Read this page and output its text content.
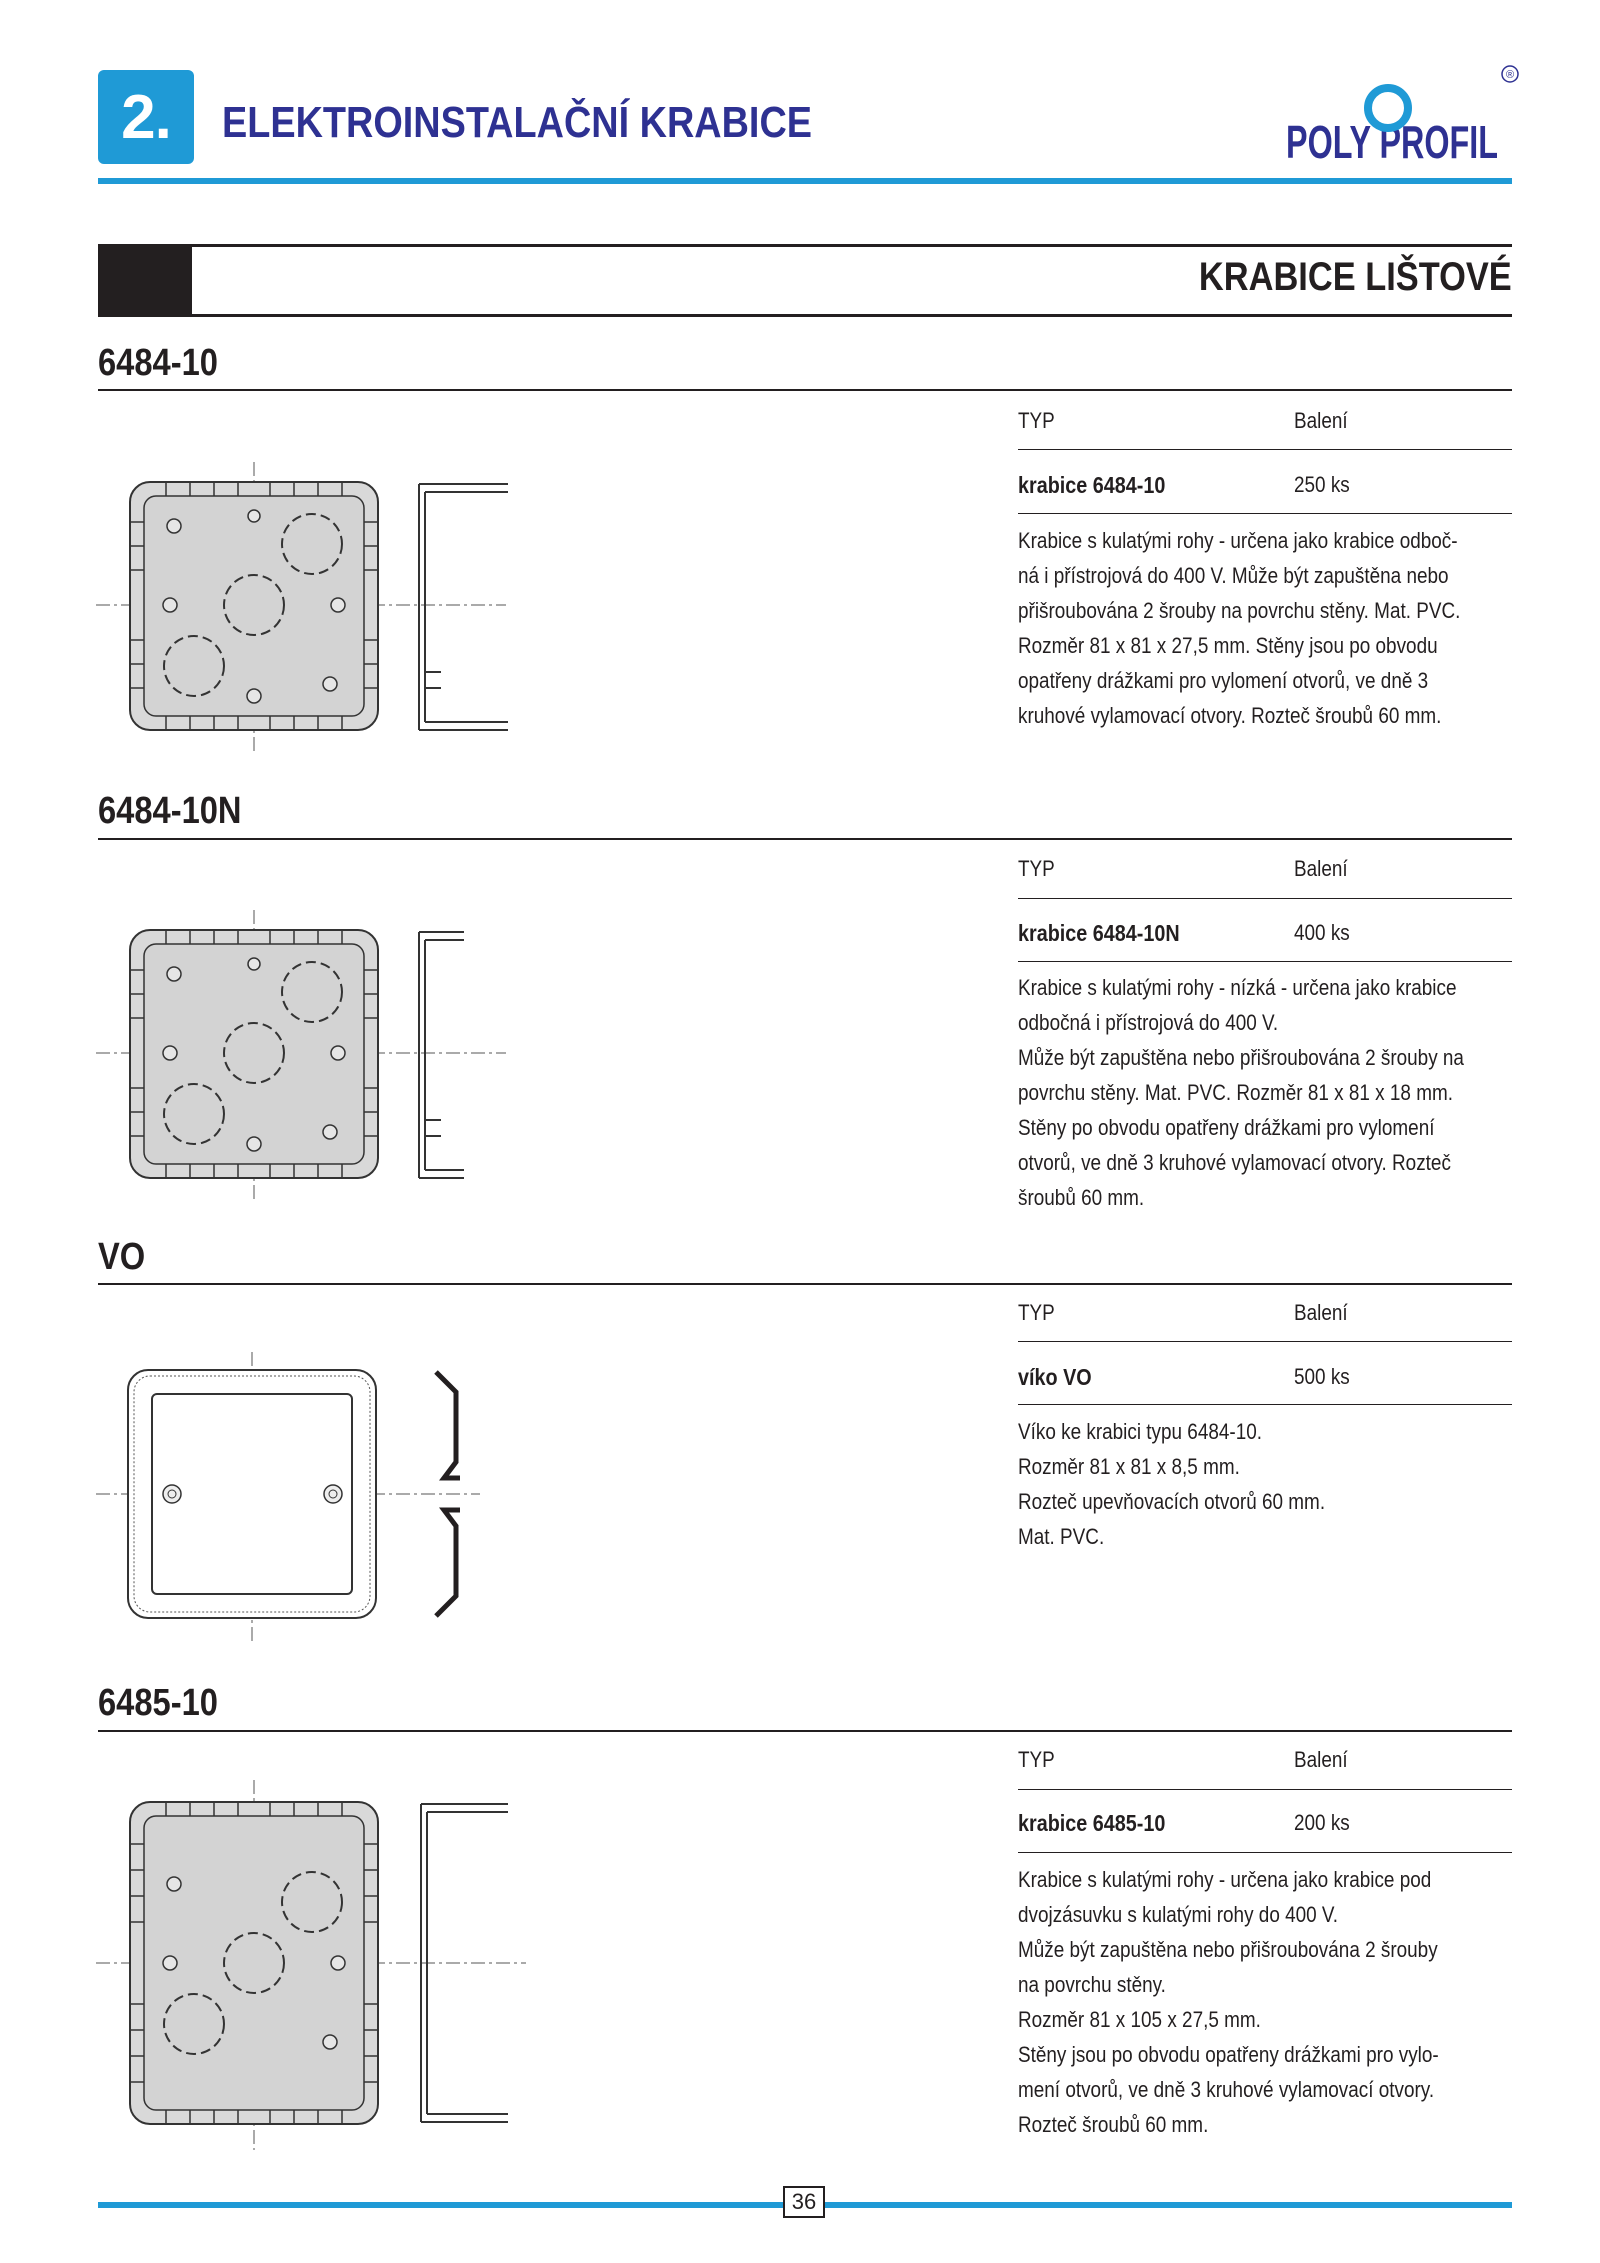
2.	ELEKTROINSTALAČNÍ KRABICE	POLY PROFIL
®
KRABICE LIŠTOVÉ
6484-10
TYP	Balení
krabice 6484-10	250 ks
Krabice s kulatými rohy - určena jako krabice odboč-
ná i přístrojová do 400 V. Může být zapuštěna nebo
přišroubována 2 šrouby na povrchu stěny. Mat. PVC.
Rozměr 81 x 81 x 27,5 mm. Stěny jsou po obvodu
opatřeny drážkami pro vylomení otvorů, ve dně 3
kruhové vylamovací otvory. Rozteč šroubů 60 mm.
6484-10N
TYP	Balení
krabice 6484-10N	400 ks
Krabice s kulatými rohy - nízká - určena jako krabice
odbočná i přístrojová do 400 V.
Může být zapuštěna nebo přišroubována 2 šrouby na
povrchu stěny. Mat. PVC. Rozměr 81 x 81 x 18 mm.
Stěny po obvodu opatřeny drážkami pro vylomení
otvorů, ve dně 3 kruhové vylamovací otvory. Rozteč
šroubů 60 mm.
VO
TYP	Balení
víko VO	500 ks
Víko ke krabici typu 6484-10.
Rozměr 81 x 81 x 8,5 mm.
Rozteč upevňovacích otvorů 60 mm.
Mat. PVC.
6485-10
TYP	Balení
krabice 6485-10	200 ks
Krabice s kulatými rohy - určena jako krabice pod
dvojzásuvku s kulatými rohy do 400 V.
Může být zapuštěna nebo přišroubována 2 šrouby
na povrchu stěny.
Rozměr 81 x 105 x 27,5 mm.
Stěny jsou po obvodu opatřeny drážkami pro vylo-
mení otvorů, ve dně 3 kruhové vylamovací otvory.
Rozteč šroubů 60 mm.
36
